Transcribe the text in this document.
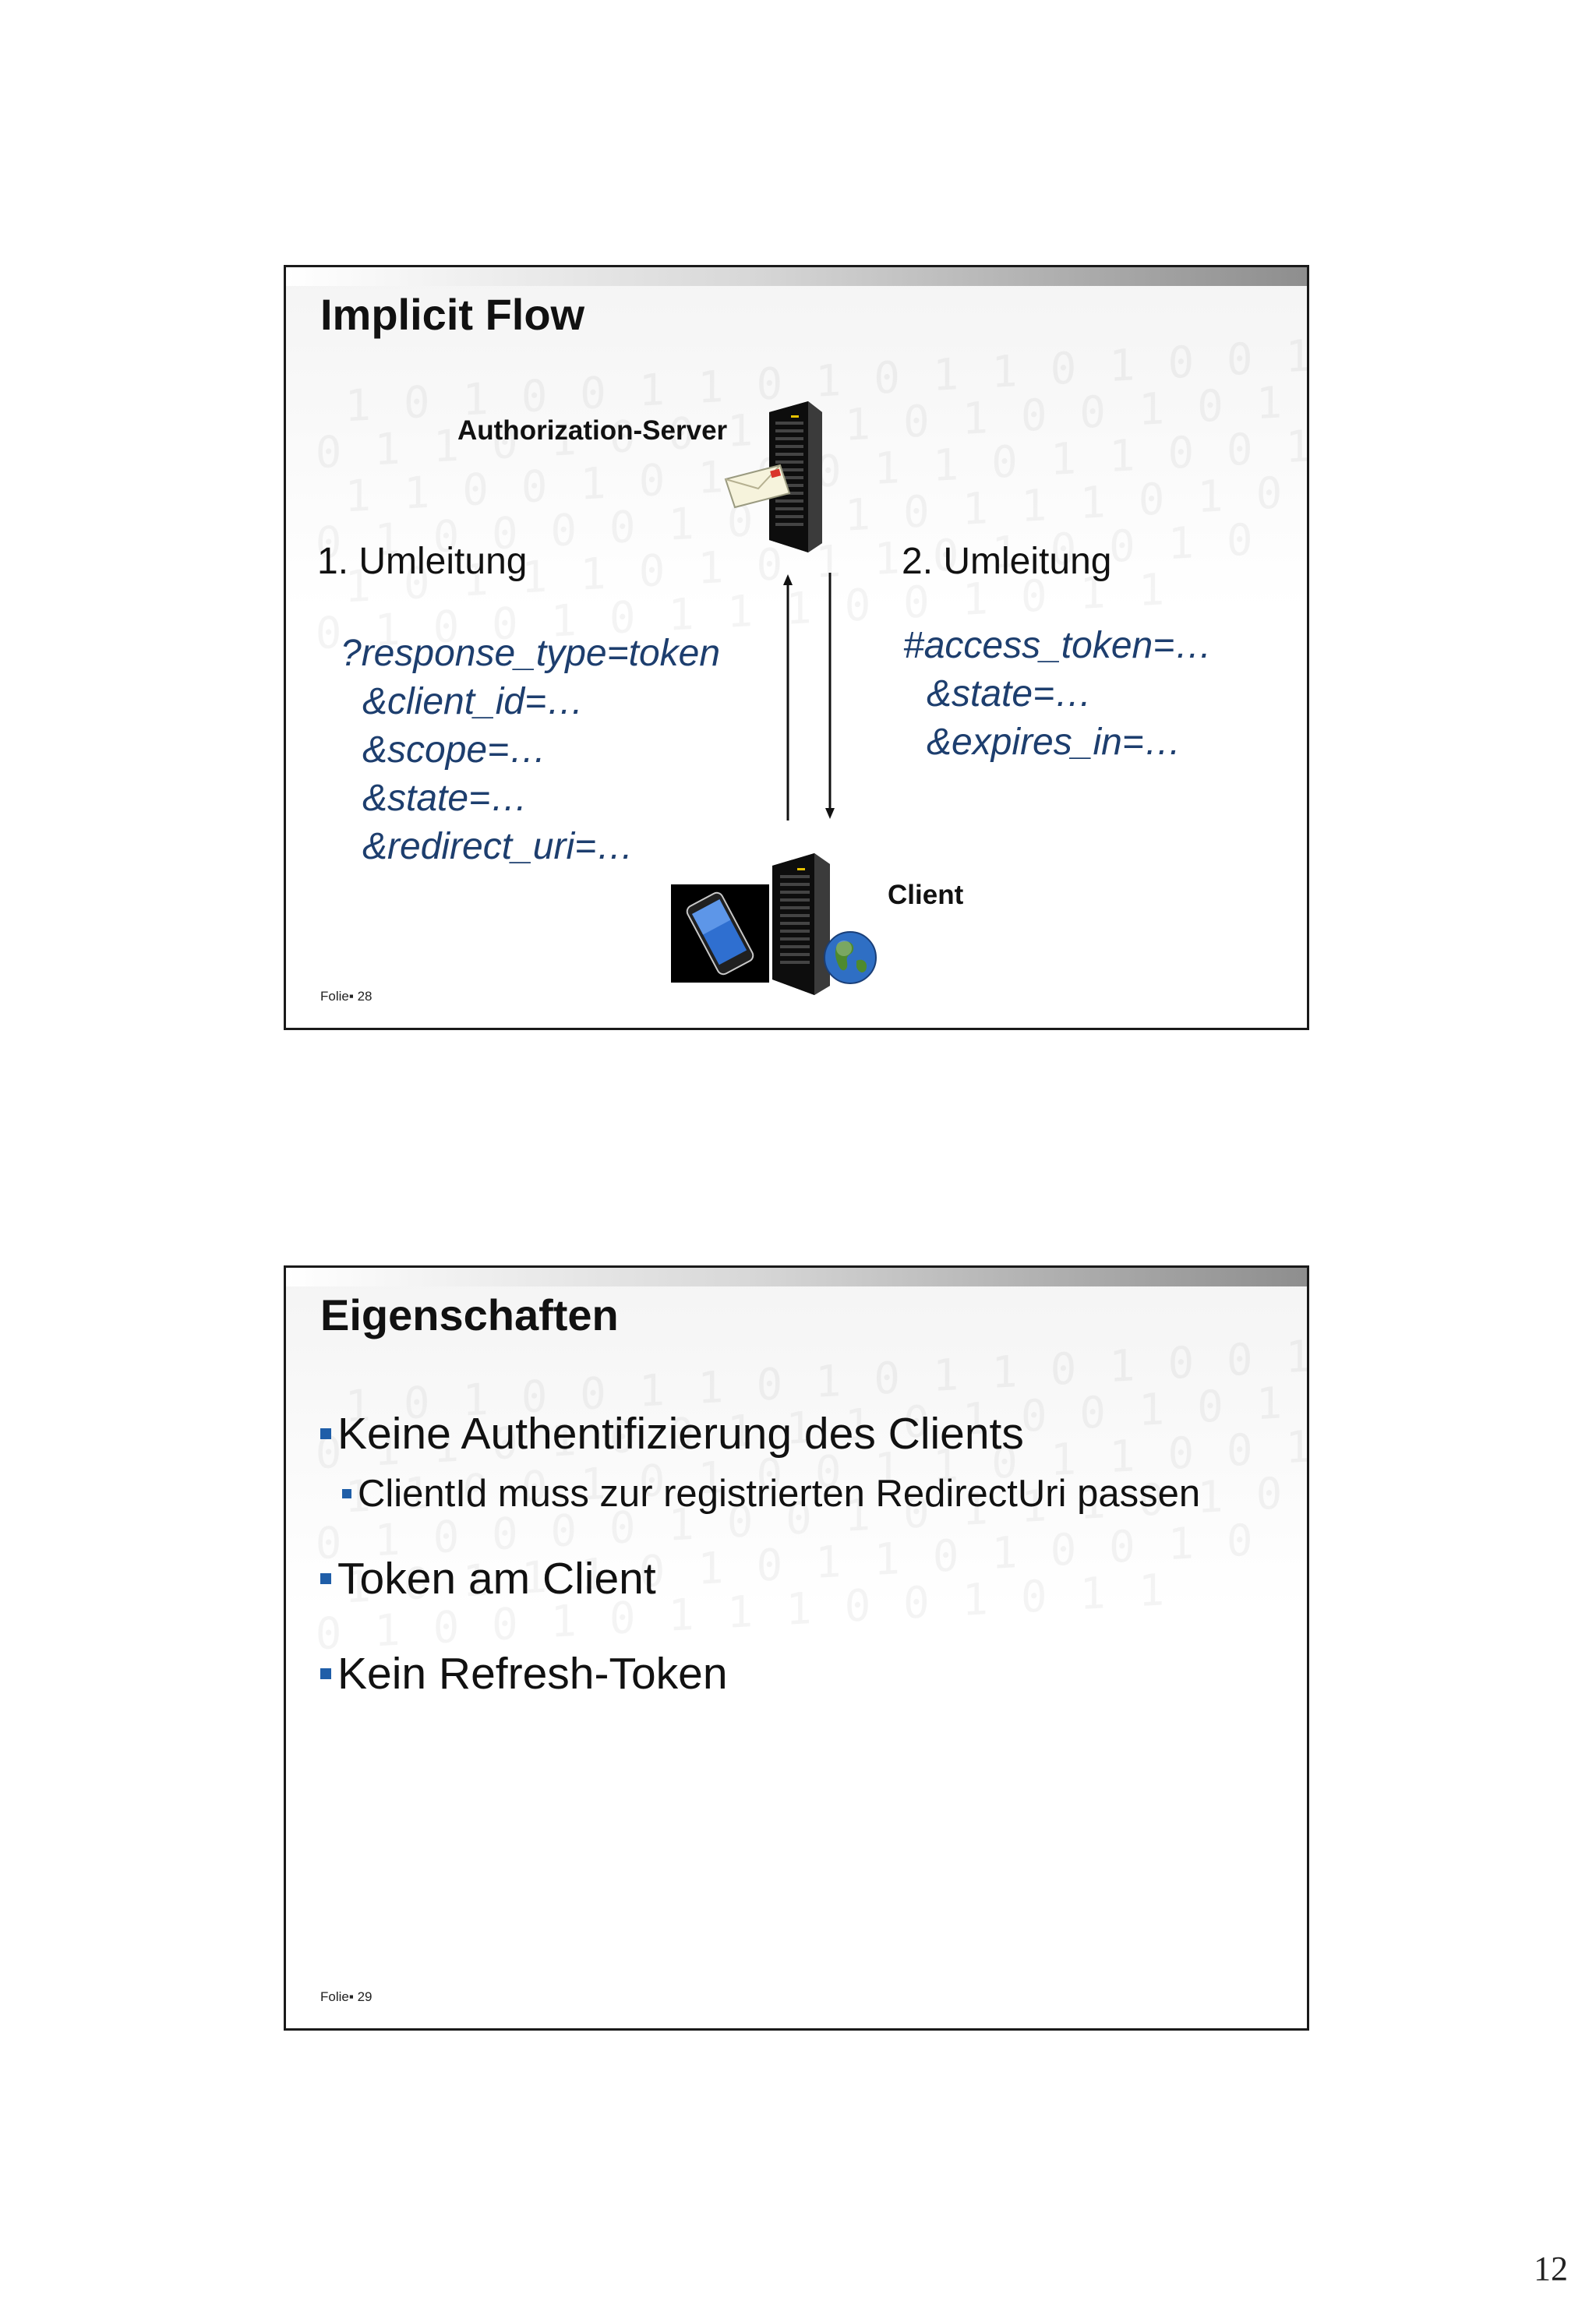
Implicit Flow
Authorization-Server
1. Umleitung	2. Umleitung
?response_type=token
&client_id=…
&scope=…
&state=…
&redirect_uri=…
#access_token=…
&state=…
&expires_in=…
Client
Folie▪ 28
Eigenschaften
Keine Authentifizierung des Clients
ClientId muss zur registrierten RedirectUri passen
Token am Client
Kein Refresh-Token
Folie▪ 29
12
